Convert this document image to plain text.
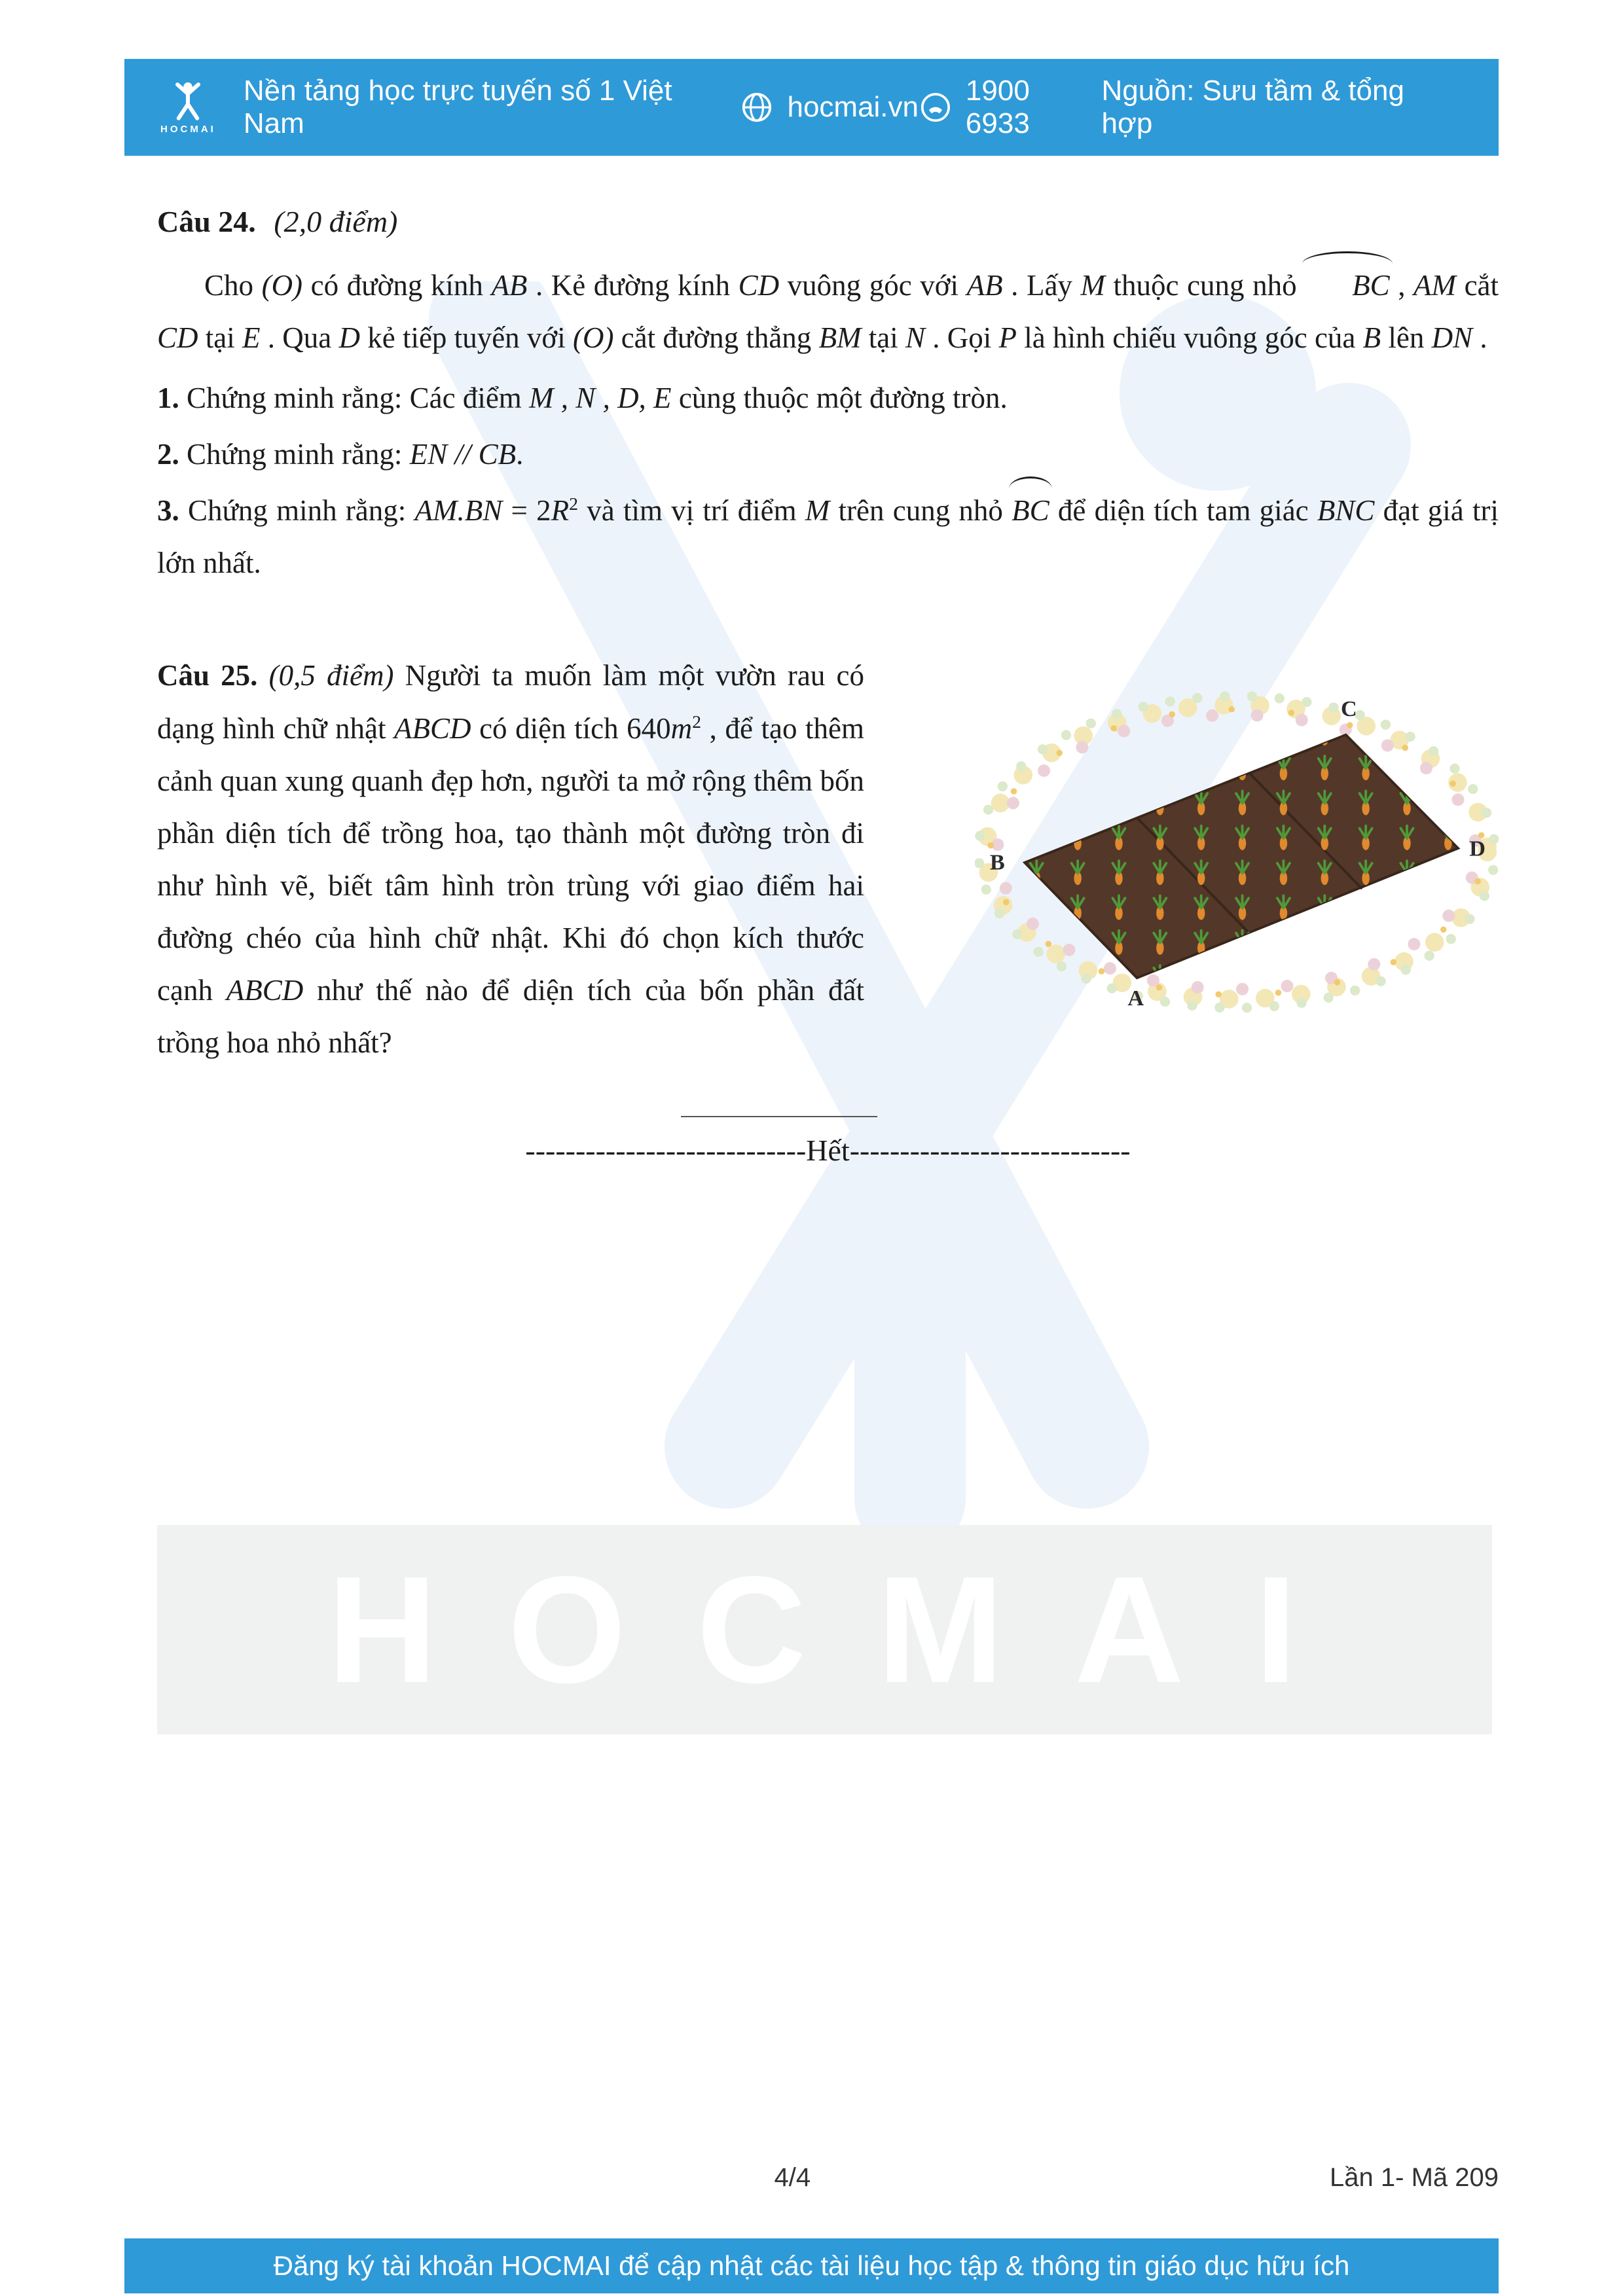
HOCMAI
HOCMAI
Nền tảng học trực tuyến số 1 Việt Nam
hocmai.vn
1900 6933
Nguồn: Sưu tầm & tổng hợp

Câu 24. (2,0 điểm)

Cho (O) có đường kính AB . Kẻ đường kính CD vuông góc với AB . Lấy M thuộc cung nhỏ BC , AM cắt CD tại E . Qua D kẻ tiếp tuyến với (O) cắt đường thẳng BM tại N . Gọi P là hình chiếu vuông góc của B lên DN .

1. Chứng minh rằng: Các điểm M , N , D, E cùng thuộc một đường tròn.

2. Chứng minh rằng: EN // CB.

3. Chứng minh rằng: $AM.BN = 2R^2$ và tìm vị trí điểm M trên cung nhỏ BC để diện tích tam giác BNC đạt giá trị lớn nhất.

Câu 25. (0,5 điểm) Người ta muốn làm một vườn rau có dạng hình chữ nhật ABCD có diện tích $640m^2$ , để tạo thêm cảnh quan xung quanh đẹp hơn, người ta mở rộng thêm bốn phần diện tích để trồng hoa, tạo thành một đường tròn đi như hình vẽ, biết tâm hình tròn trùng với giao điểm hai đường chéo của hình chữ nhật. Khi đó chọn kích thước cạnh ABCD như thế nào để diện tích của bốn phần đất trồng hoa nhỏ nhất?

A
B
C
D

----------------------------Hết----------------------------

4/4	Lần 1- Mã 209
Đăng ký tài khoản HOCMAI để cập nhật các tài liệu học tập & thông tin giáo dục hữu ích
